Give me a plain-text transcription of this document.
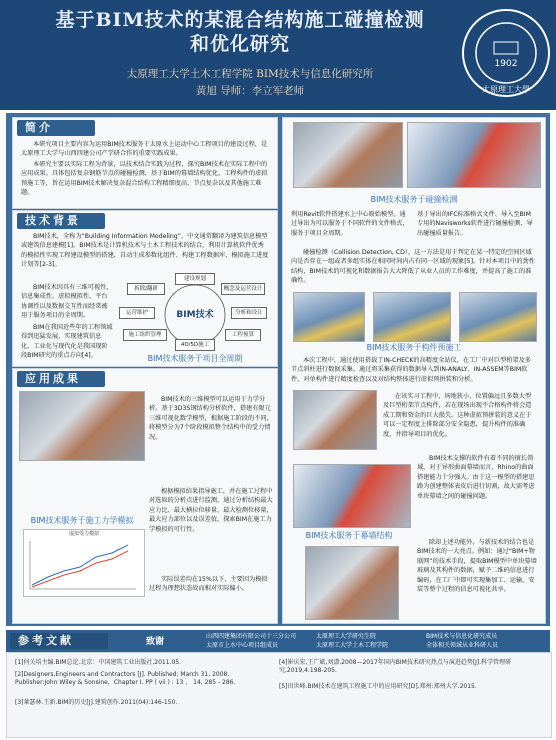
基于BIM技术的某混合结构施工碰撞检测
和优化研究
太原理工大学土木工程学院 BIM技术与信息化研究所
黄旭 导师：李立军老师
1902
太原理工大學
简介
本研究项目主要内容为运用BIM技术服务于太原水上运动中心工程项目的建设过程，是太原理工大学与山西四建公司产学研合作的重要实践成果。
本研究主要以实际工程为背景，以技术结合实践为过程，探究BIM技术在实际工程中的应用成果。具体包括复杂钢筋节点的碰撞检测，基于BIM的幕墙结构优化、工程构件的虚拟预施工等，旨在运用BIM技术解决复杂混合结构工程精细度高、节点复杂以及其他施工难题。
技术背景
BIM技术，全称为“Building Information Modeling”。中文通常翻译为建筑信息模型或建筑信息建模[1]。BIM技术是计算机技术与土木工程技术的结合，利用计算机软件优秀的模拟性实现工程建设模型的搭建，自动生成参数化组件、构建工程数据库，模拟施工进度计划等[2-3]。
BIM技术因具有三维可视性、信息集成性、虚拟模拟性、平台协调性以及数据交互性而经常被用于服务项目的全周期。
BIM在我国近些年的工程领域得到迅猛发展，实现建筑信息化、工业化与现代化是我国现阶段BIM研究的重点方向[4]。
BIM技术
建设规划
概念及运营设计
分析和设计
工程预算
4D/5D施工
施工组织管理
运营维护
拆除/翻新
BIM技术服务于项目全周期
应用成果
BIM技术服务于施工力学模拟
虚拟受力模拟
BIM技术的三维模型可以运用于力学分析。基于3D3S钢结构分析软件，搭建有限元三维可视化数学模型，根据施工阶段的不同，将模型分为7个阶段模拟整个结构中的受力情况。
根据模拟结果指导施工，并在施工过程中对选取的分析点进行监测，通过分析结构最大应力比、最大横拉位移量、最大检测位移量，最大应力部位以及误差值，探索BIM在施工力学模拟的可行性。
实际误差均在15%以下，主要因为模拟过程为理想状态故而相对实际偏小。
BIM技术服务于碰撞检测
利用Revit软件搭建水上中心原始模型。通过导出为可以服务于不同软件的文件格式，服务于项目全周期。
基于导出的IFC标准格式文件、导入至BIM专用的Navisworks软件进行碰撞检测，导出碰撞质量报告。
碰撞检测（Collision Detection, CD），这一方法是用于判定在某一特定的空间区域内是否存在一组或者多组实体在相同时间内占有同一区域的现象[5]。针对本项目中的劲性结构，BIM技术的可视化和数据报告大大降低了从业人员的工作难度，并提高了施工的准确性。
BIM技术服务于构件预施工
本次工程中，通过使用搭载了IN-CHECK的高精度全站仪，在工厂中对巨型桁架及多节点斜柱进行数据采集。通过将采集获得的数据导入到IN-ANALY、IN-ASSEM等BIM软件，对单构件进行精度检查以及对结构整体进行虚拟预拼装和分析。
在该实习工程中，场地狭小，位置偏远且多数大型及巨型桁架节点构件，若在现场出现不合格构件将会造成工期和资金的巨大损失。这种虚拟预拼装的意义在于可以一定程度上排除部分安全隐患，提升构件的准确度，并指导项目的优化。
BIM技术服务于幕墙结构
BIM技术支撑的软件有着不同的擅长领域，对于异形曲面幕墙而言，Rhino的曲面搭建能力十分强大。由于这一模型的搭建思路为创建整体表皮后进行切割，故大需考虑单块幕墙之间的碰撞问题。
除却上述功能外，与新技术的结合也是BIM技术的一大亮点。例如：通过“BIM+物联网”的技术手段，提取BIM模型中单块幕墙玻璃及其构件的数据，赋予二维码信息进行编码，在工厂中即可实现集加工、运输、安装等整个过程的信息可视化共享。
参考文献	致谢
山西四建集团有限公司十三分公司
太原市上水中心项目组成员
太原理工大学研究生院
太原理工大学土木工程学院
BIM技术与信息化研究成员
全体相关领域从业科研人员
[1]何关培主编.BIM总论.北京：中国建筑工业出版社,2011.05.
[2]Designers,Engineers and Contractors [J]. Published: March 31, 2008. Publisher:John Wiley & Sonsine，Chapter I. PP ( vii ) : 13 ， 14, 285 - 286.
[3]莱瑟林.王新.BIM的历史[J].建筑创作.2011(04):146-150.
[4]崔庆宏,王广斌,刘潇.2008—2017年国内BIM技术研究热点与演进趋势[J].科学管理研究,2019,4:198-205.
[5]田世峰.BIM技术在建筑工程施工中的应用研究[D].郑州:郑州大学.2015.
